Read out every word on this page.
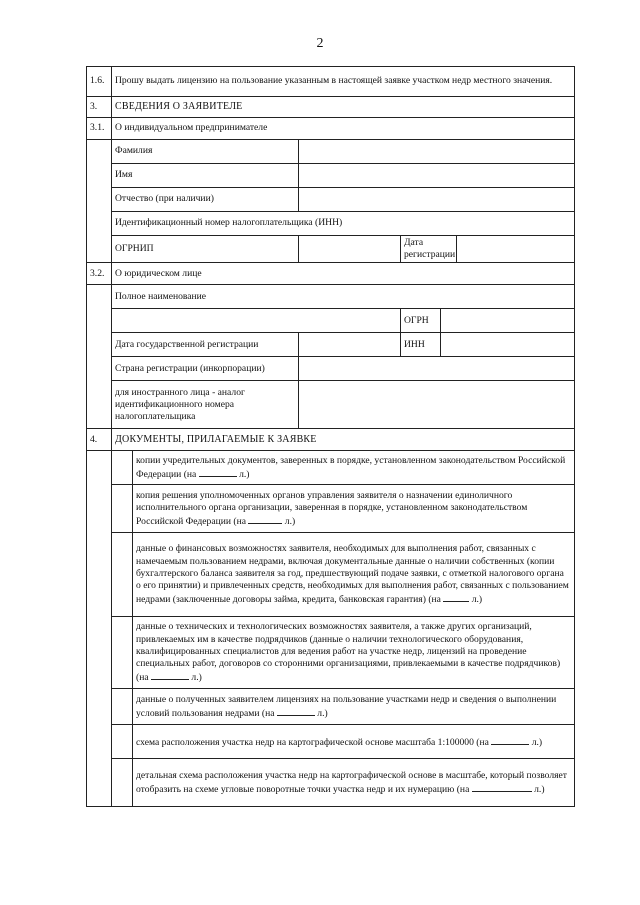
2
1.6.	Прошу выдать лицензию на пользование указанным в настоящей заявке участком недр местного значения.					
3.	СВЕДЕНИЯ О ЗАЯВИТЕЛЕ					
3.1.	О индивидуальном предпринимателе					
	Фамилия					
	Имя					
	Отчество (при наличии)					
	Идентификационный номер налогоплательщика (ИНН)					
	ОГРНИП			Дата регистрации		
3.2.	О юридическом лице					
	Полное наименование					
				ОГРН		
	Дата государственной регистрации			ИНН		
	Страна регистрации (инкорпорации)					
	для иностранного лица - аналог идентификационного номера налогоплательщика					
4.	ДОКУМЕНТЫ, ПРИЛАГАЕМЫЕ К ЗАЯВКЕ					
		копии учредительных документов, заверенных в порядке, установленном законодательством Российской Федерации (на л.)				
		копия решения уполномоченных органов управления заявителя о назначении единоличного исполнительного органа организации, заверенная в порядке, установленном законодательством Российской Федерации (на л.)				
		данные о финансовых возможностях заявителя, необходимых для выполнения работ, связанных с намечаемым пользованием недрами, включая документальные данные о наличии собственных (копии бухгалтерского баланса заявителя за год, предшествующий подаче заявки, с отметкой налогового органа о его принятии) и привлеченных средств, необходимых для выполнения работ, связанных с пользованием недрами (заключенные договоры займа, кредита, банковская гарантия) (на л.)				
		данные о технических и технологических возможностях заявителя, а также других организаций, привлекаемых им в качестве подрядчиков (данные о наличии технологического оборудования, квалифицированных специалистов для ведения работ на участке недр, лицензий на проведение специальных работ, договоров со сторонними организациями, привлекаемыми в качестве подрядчиков) (на л.)				
		данные о полученных заявителем лицензиях на пользование участками недр и сведения о выполнении условий пользования недрами (на л.)				
		схема расположения участка недр на картографической основе масштаба 1:100000 (на л.)				
		детальная схема расположения участка недр на картографической основе в масштабе, который позволяет отобразить на схеме угловые поворотные точки участка недр и их нумерацию (на л.)				
